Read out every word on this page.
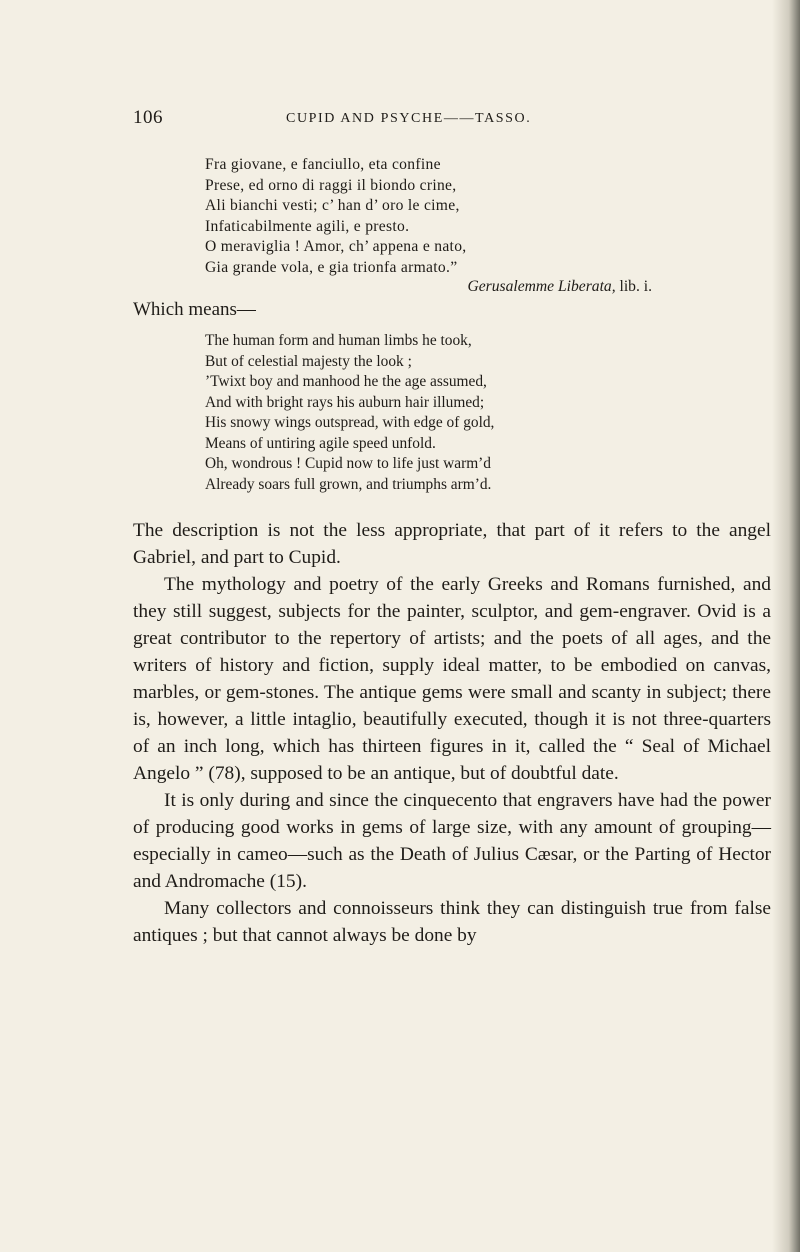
106	CUPID AND PSYCHE——TASSO.
Fra giovane, e fanciullo, eta confine
Prese, ed orno di raggi il biondo crine,
Ali bianchi vesti; c’ han d’ oro le cime,
Infaticabilmente agili, e presto.
O meraviglia ! Amor, ch’ appena e nato,
Gia grande vola, e gia trionfa armato.”
Gerusalemme Liberata, lib. i.
Which means—
The human form and human limbs he took,
But of celestial majesty the look ;
’Twixt boy and manhood he the age assumed,
And with bright rays his auburn hair illumed;
His snowy wings outspread, with edge of gold,
Means of untiring agile speed unfold.
Oh, wondrous ! Cupid now to life just warm’d
Already soars full grown, and triumphs arm’d.

The description is not the less appropriate, that part of it refers to the angel Gabriel, and part to Cupid.

The mythology and poetry of the early Greeks and Romans furnished, and they still suggest, subjects for the painter, sculptor, and gem-engraver. Ovid is a great contributor to the repertory of artists; and the poets of all ages, and the writers of history and fiction, supply ideal matter, to be embodied on canvas, marbles, or gem-stones. The antique gems were small and scanty in subject; there is, however, a little intaglio, beautifully executed, though it is not three-quarters of an inch long, which has thirteen figures in it, called the “ Seal of Michael Angelo ” (78), supposed to be an antique, but of doubtful date.

It is only during and since the cinquecento that engravers have had the power of producing good works in gems of large size, with any amount of grouping—especially in cameo—such as the Death of Julius Cæsar, or the Parting of Hector and Andromache (15).

Many collectors and connoisseurs think they can distinguish true from false antiques ; but that cannot always be done by
